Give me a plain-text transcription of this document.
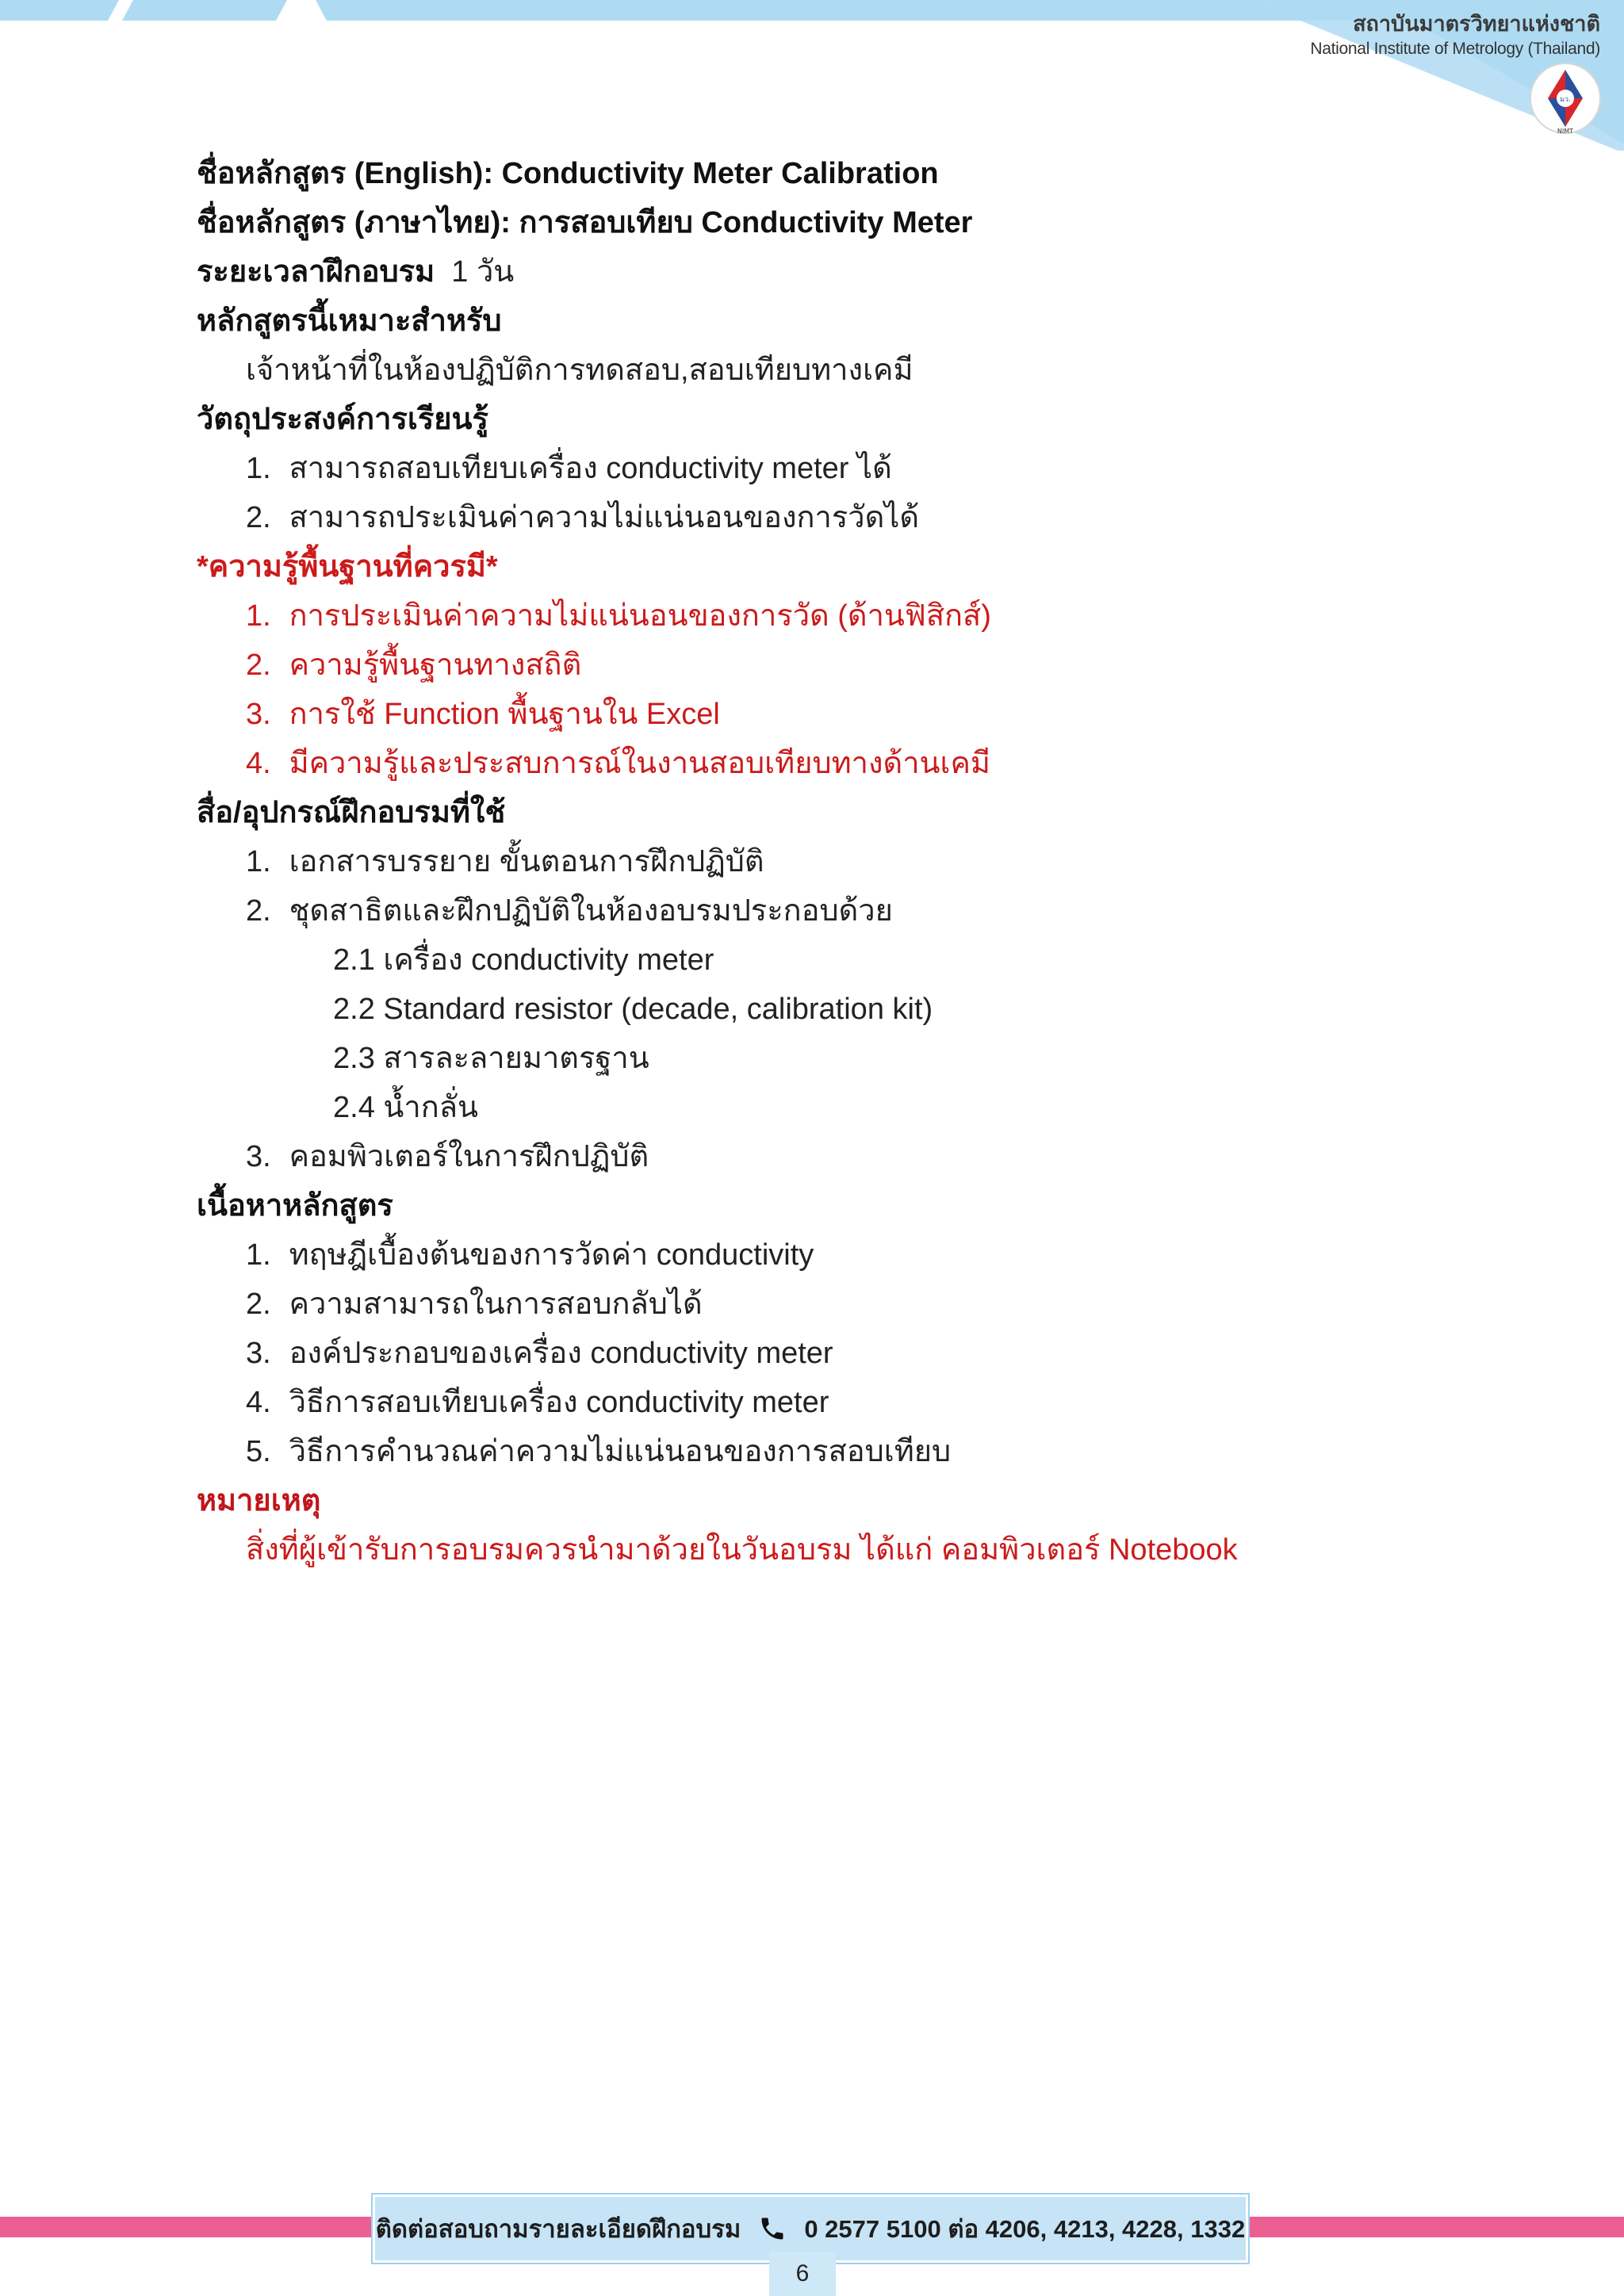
สถาบันมาตรวิทยาแห่งชาติ
National Institute of Metrology (Thailand)
มว.
NIMT
ชื่อหลักสูตร (English): Conductivity Meter Calibration
ชื่อหลักสูตร (ภาษาไทย): การสอบเทียบ Conductivity Meter
ระยะเวลาฝึกอบรม 1 วัน
หลักสูตรนี้เหมาะสำหรับ
เจ้าหน้าที่ในห้องปฏิบัติการทดสอบ,สอบเทียบทางเคมี
วัตถุประสงค์การเรียนรู้
1. สามารถสอบเทียบเครื่อง conductivity meter ได้
2. สามารถประเมินค่าความไม่แน่นอนของการวัดได้
*ความรู้พื้นฐานที่ควรมี*
1. การประเมินค่าความไม่แน่นอนของการวัด (ด้านฟิสิกส์)
2. ความรู้พื้นฐานทางสถิติ
3. การใช้ Function พื้นฐานใน Excel
4. มีความรู้และประสบการณ์ในงานสอบเทียบทางด้านเคมี
สื่อ/อุปกรณ์ฝึกอบรมที่ใช้
1. เอกสารบรรยาย ขั้นตอนการฝึกปฏิบัติ
2. ชุดสาธิตและฝึกปฏิบัติในห้องอบรมประกอบด้วย
2.1 เครื่อง conductivity meter
2.2 Standard resistor (decade, calibration kit)
2.3 สารละลายมาตรฐาน
2.4 น้ำกลั่น
3. คอมพิวเตอร์ในการฝึกปฏิบัติ
เนื้อหาหลักสูตร
1. ทฤษฎีเบื้องต้นของการวัดค่า conductivity
2. ความสามารถในการสอบกลับได้
3. องค์ประกอบของเครื่อง conductivity meter
4. วิธีการสอบเทียบเครื่อง conductivity meter
5. วิธีการคำนวณค่าความไม่แน่นอนของการสอบเทียบ
หมายเหตุ
สิ่งที่ผู้เข้ารับการอบรมควรนำมาด้วยในวันอบรม ได้แก่ คอมพิวเตอร์ Notebook
ติดต่อสอบถามรายละเอียดฝึกอบรม	0 2577 5100 ต่อ 4206, 4213, 4228, 1332
6
